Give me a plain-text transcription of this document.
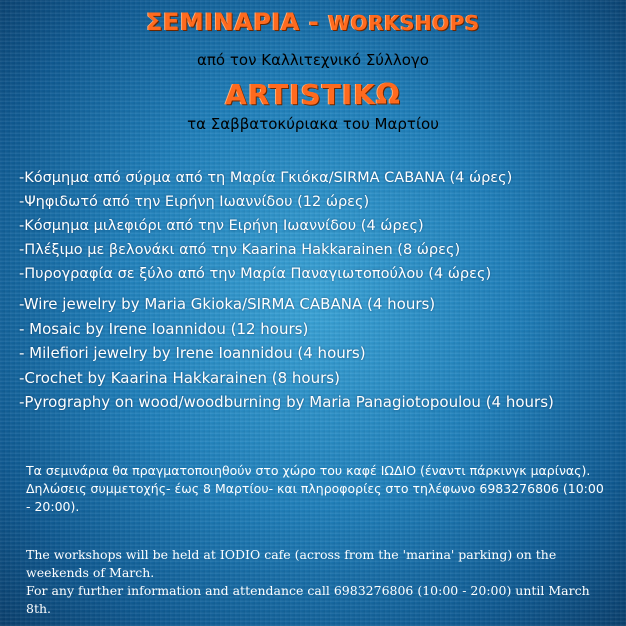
ΣΕΜΙΝΑΡΙΑ - WORKSHOPS
από τον Καλλιτεχνικό Σύλλογο
ARTISTIKΩ
τα Σαββατοκύριακα του Μαρτίου
-Κόσμημα από σύρμα από τη Μαρία Γκιόκα/SIRMA CABANA (4 ώρες)
-Ψηφιδωτό από την Ειρήνη Ιωαννίδου (12 ώρες)
-Κόσμημα μιλεφιόρι από την Ειρήνη Ιωαννίδου (4 ώρες)
-Πλέξιμο με βελονάκι από την Kaarina Hakkarainen (8 ώρες)
-Πυρογραφία σε ξύλο από την Μαρία Παναγιωτοπούλου (4 ώρες)
-Wire jewelry by Maria Gkioka/SIRMA CABANA (4 hours)
- Mosaic by Irene Ioannidou (12 hours)
- Milefiori jewelry by Irene Ioannidou (4 hours)
-Crochet by Kaarina Hakkarainen (8 hours)
-Pyrography on wood/woodburning by Maria Panagiotopoulou (4 hours)

Τα σεμινάρια θα πραγματοποιηθούν στο χώρο του καφέ ΙΩΔΙΟ (έναντι πάρκινγκ μαρίνας).

Δηλώσεις συμμετοχής- έως 8 Μαρτίου- και πληροφορίες στο τηλέφωνο 6983276806 (10:00 - 20:00).

The workshops will be held at IODIO cafe (across from the 'marina' parking) on the weekends of March.

For any further information and attendance call 6983276806 (10:00 - 20:00) until March 8th.
